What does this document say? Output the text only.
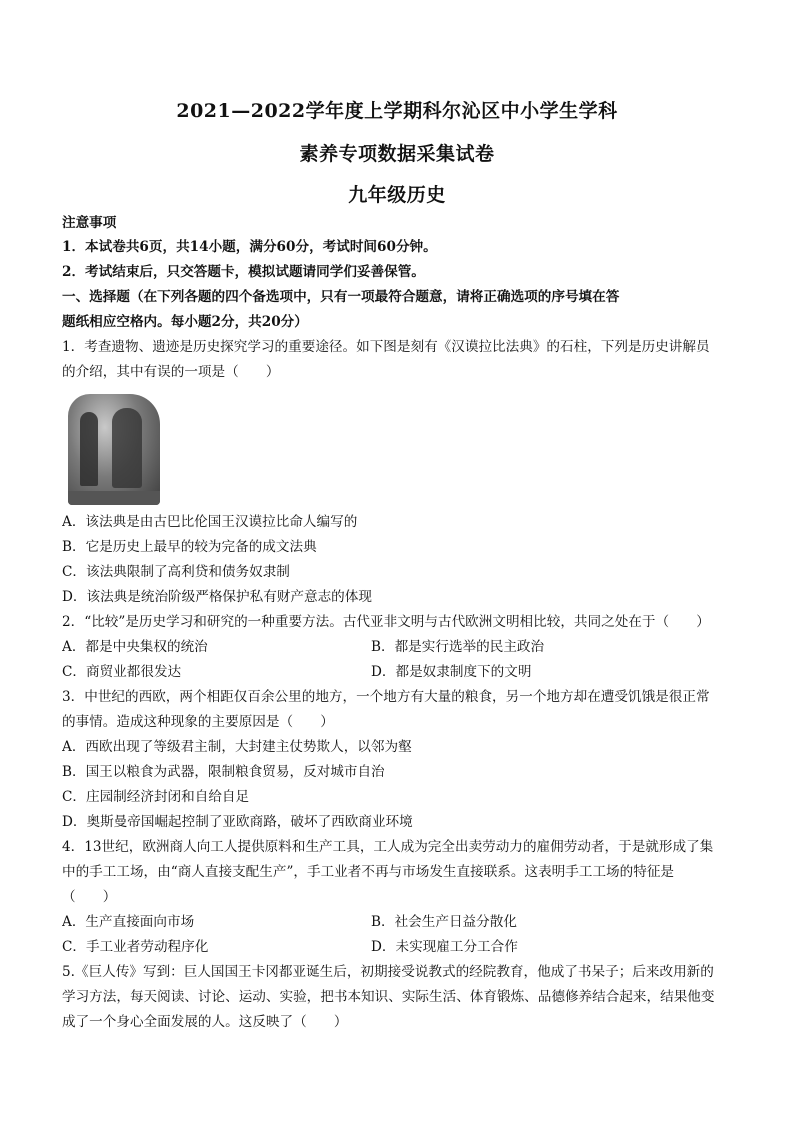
2021—2022学年度上学期科尔沁区中小学生学科
素养专项数据采集试卷
九年级历史
注意事项
1．本试卷共6页，共14小题，满分60分，考试时间60分钟。
2．考试结束后，只交答题卡，模拟试题请同学们妥善保管。
一、选择题（在下列各题的四个备选项中，只有一项最符合题意，请将正确选项的序号填在答
题纸相应空格内。每小题2分，共20分）
1．考查遗物、遗迹是历史探究学习的重要途径。如下图是刻有《汉谟拉比法典》的石柱，下列是历史讲解员
的介绍，其中有误的一项是（　　）
A．该法典是由古巴比伦国王汉谟拉比命人编写的
B．它是历史上最早的较为完备的成文法典
C．该法典限制了高利贷和债务奴隶制
D．该法典是统治阶级严格保护私有财产意志的体现
2．“比较”是历史学习和研究的一种重要方法。古代亚非文明与古代欧洲文明相比较，共同之处在于（　　）
A．都是中央集权的统治	B．都是实行选举的民主政治
C．商贸业都很发达	D．都是奴隶制度下的文明
3．中世纪的西欧，两个相距仅百余公里的地方，一个地方有大量的粮食，另一个地方却在遭受饥饿是很正常
的事情。造成这种现象的主要原因是（　　）
A．西欧出现了等级君主制，大封建主仗势欺人，以邻为壑
B．国王以粮食为武器，限制粮食贸易，反对城市自治
C．庄园制经济封闭和自给自足
D．奥斯曼帝国崛起控制了亚欧商路，破坏了西欧商业环境
4．13世纪，欧洲商人向工人提供原料和生产工具，工人成为完全出卖劳动力的雇佣劳动者，于是就形成了集
中的手工工场，由“商人直接支配生产”，手工业者不再与市场发生直接联系。这表明手工工场的特征是
（　　）
A．生产直接面向市场	B．社会生产日益分散化
C．手工业者劳动程序化	D．未实现雇工分工合作
5.《巨人传》写到：巨人国国王卡冈都亚诞生后，初期接受说教式的经院教育，他成了书呆子；后来改用新的
学习方法，每天阅读、讨论、运动、实验，把书本知识、实际生活、体育锻炼、品德修养结合起来，结果他变
成了一个身心全面发展的人。这反映了（　　）
